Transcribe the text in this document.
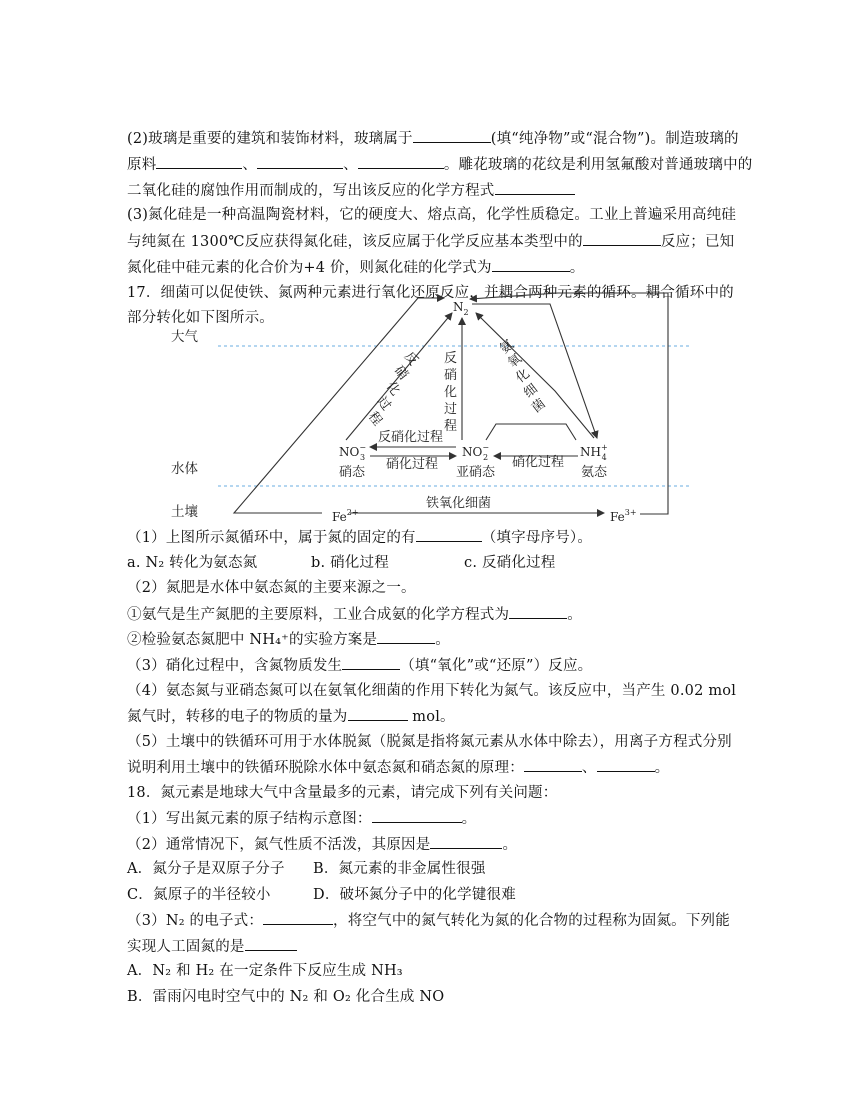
(2)玻璃是重要的建筑和装饰材料，玻璃属于	(填“纯净物”或“混合物”)。制造玻璃的
原料	、	、	。雕花玻璃的花纹是利用氢氟酸对普通玻璃中的
二氧化硅的腐蚀作用而制成的，写出该反应的化学方程式
(3)氮化硅是一种高温陶瓷材料，它的硬度大、熔点高，化学性质稳定。工业上普遍采用高纯硅
与纯氮在 1300℃反应获得氮化硅，该反应属于化学反应基本类型中的	反应；已知
氮化硅中硅元素的化合价为+4 价，则氮化硅的化学式为	。
17．细菌可以促使铁、氮两种元素进行氧化还原反应，并耦合两种元素的循环。耦合循环中的
部分转化如下图所示。
大气
水体
土壤
$N_2$
NO− 3
硝态
NO− 2
亚硝态
NH+ 4
氨态
$Fe^{2+}$	$Fe^{3+}$
反硝化过程
硝化过程	硝化过程
铁氧化细菌
反
硝
化
过
程
反
硝
化
过
程
氨
氧
化
细
菌
（1）上图所示氮循环中，属于氮的固定的有	（填字母序号）。
a. N₂ 转化为氨态氮	b. 硝化过程	c. 反硝化过程
（2）氮肥是水体中氨态氮的主要来源之一。
①氨气是生产氮肥的主要原料，工业合成氨的化学方程式为	。
②检验氨态氮肥中 NH₄⁺的实验方案是	。
（3）硝化过程中，含氮物质发生	（填“氧化”或“还原”）反应。
（4）氨态氮与亚硝态氮可以在氨氧化细菌的作用下转化为氮气。该反应中，当产生 0.02 mol
氮气时，转移的电子的物质的量为	mol。
（5）土壤中的铁循环可用于水体脱氮（脱氮是指将氮元素从水体中除去），用离子方程式分别
说明利用土壤中的铁循环脱除水体中氨态氮和硝态氮的原理：	、	。
18．氮元素是地球大气中含量最多的元素，请完成下列有关问题：
（1）写出氮元素的原子结构示意图：	。
（2）通常情况下，氮气性质不活泼，其原因是	。
A．氮分子是双原子分子 B．氮元素的非金属性很强
C．氮原子的半径较小	D．破坏氮分子中的化学键很难
（3）N₂ 的电子式：	，将空气中的氮气转化为氮的化合物的过程称为固氮。下列能
实现人工固氮的是
A．N₂ 和 H₂ 在一定条件下反应生成 NH₃
B．雷雨闪电时空气中的 N₂ 和 O₂ 化合生成 NO
